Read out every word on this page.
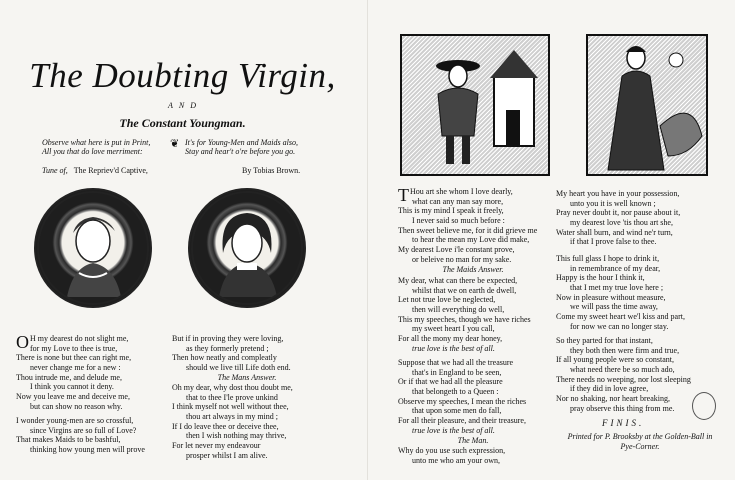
The Doubting Virgin,
AND
The Constant Youngman.
Observe what here is put in Print,
All you that do love merriment:
❦ It's for Young-Men and Maids also,
Stay and hear't o're before you go.
Tune of, The Repriev'd Captive,	By Tobias Brown.
O H my dearest do not slight me,
for my Love to thee is true,
There is none but thee can right me,
never change me for a new :
Thou intrude me, and delude me,
I think you cannot it deny.
Now you leave me and deceive me,
but can show no reason why.
I wonder young-men are so crossful,
since Virgins are so full of Love?
That makes Maids to be bashful,
thinking how young men will prove
But if in proving they were loving,
as they formerly pretend ;
Then how neatly and compleatly
should we live till Life doth end.
The Mans Answer.
Oh my dear, why dost thou doubt me,
that to thee I'le prove unkind
I think myself not well without thee,
thou art always in my mind ;
If I do leave thee or deceive thee,
then I wish nothing may thrive,
For let never my endeavour
prosper whilst I am alive.
T Hou art she whom I love dearly,
what can any man say more,
This is my mind I speak it freely,
I never said so much before :
Then sweet believe me, for it did grieve me
to hear the mean my Love did make,
My dearest Love i'le constant prove,
or beleive no man for my sake.
The Maids Answer.
My dear, what can there be expected,
whilst that we on earth de dwell,
Let not true love be neglected,
then will everything do well,
This my speeches, though we have riches
my sweet heart I you call,
For all the mony my dear honey,
true love is the best of all.
Suppose that we had all the treasure
that's in England to be seen,
Or if that we had all the pleasure
that belongeth to a Queen :
Observe my speeches, I mean the riches
that upon some men do fall,
For all their pleasure, and their treasure,
true love is the best of all.
The Man.
Why do you use such expression,
unto me who am your own,
My heart you have in your possession,
unto you it is well known ;
Pray never doubt it, nor pause about it,
my dearest love 'tis thou art she,
Water shall burn, and wind ne'r turn,
if that I prove false to thee.
This full glass I hope to drink it,
in remembrance of my dear,
Happy is the hour I think it,
that I met my true love here ;
Now in pleasure without measure,
we will pass the time away,
Come my sweet heart we'l kiss and part,
for now we can no longer stay.
So they parted for that instant,
they both then were firm and true,
If all young people were so constant,
what need there be so much ado,
There needs no weeping, nor lost sleeping
if they did in love agree,
Nor no shaking, nor heart breaking,
pray observe this thing from me.
FINIS.
Printed for P. Brooksby at the Golden-Ball in
Pye-Corner.
